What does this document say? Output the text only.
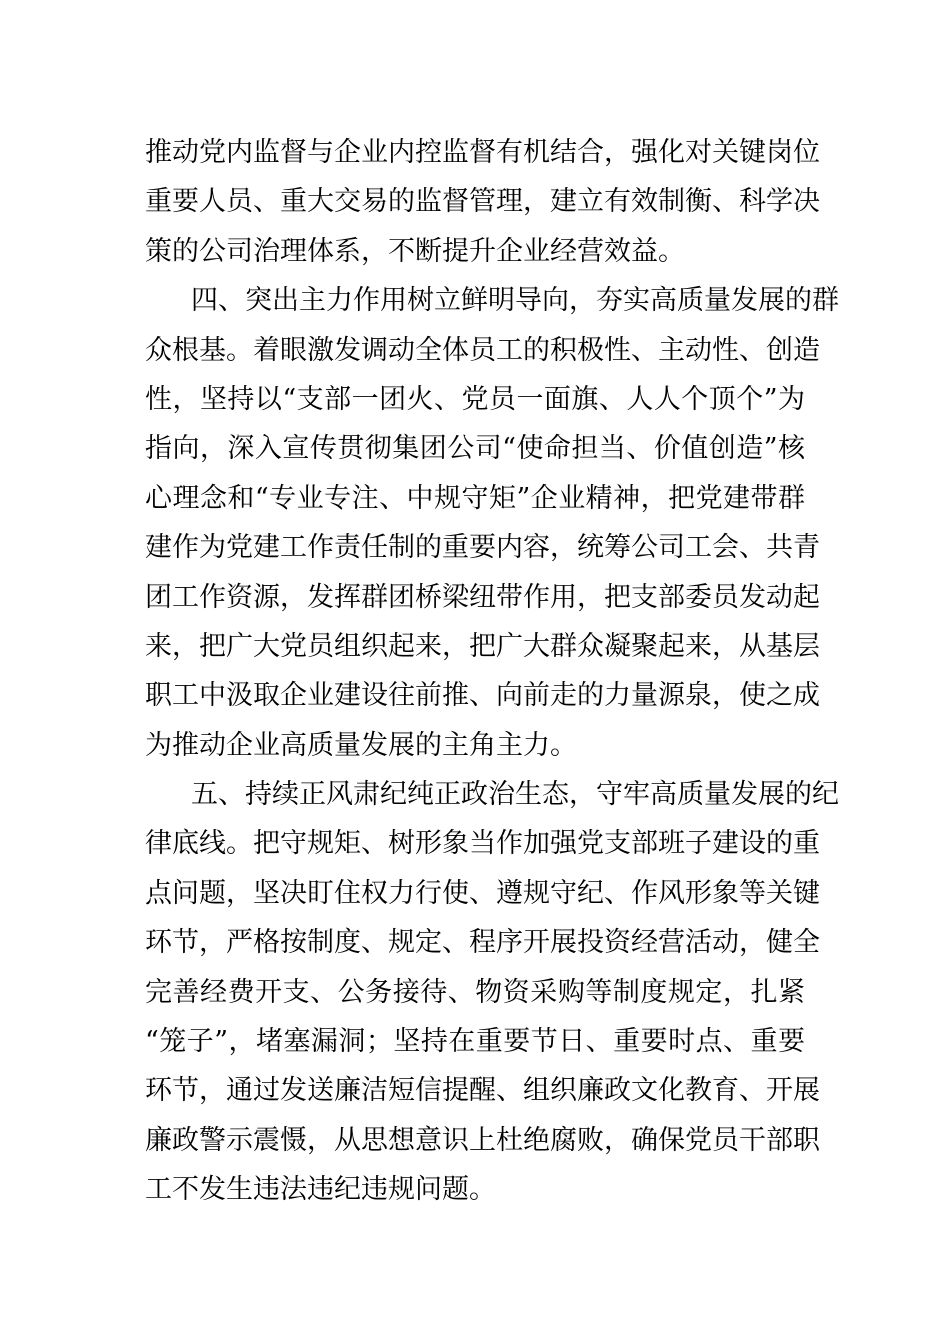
推动党内监督与企业内控监督有机结合，强化对关键岗位
重要人员、重大交易的监督管理，建立有效制衡、科学决
策的公司治理体系，不断提升企业经营效益。
四、突出主力作用树立鲜明导向，夯实高质量发展的群
众根基。着眼激发调动全体员工的积极性、主动性、创造
性，坚持以“支部一团火、党员一面旗、人人个顶个”为
指向，深入宣传贯彻集团公司“使命担当、价值创造”核
心理念和“专业专注、中规守矩”企业精神，把党建带群
建作为党建工作责任制的重要内容，统筹公司工会、共青
团工作资源，发挥群团桥梁纽带作用，把支部委员发动起
来，把广大党员组织起来，把广大群众凝聚起来，从基层
职工中汲取企业建设往前推、向前走的力量源泉，使之成
为推动企业高质量发展的主角主力。
五、持续正风肃纪纯正政治生态，守牢高质量发展的纪
律底线。把守规矩、树形象当作加强党支部班子建设的重
点问题，坚决盯住权力行使、遵规守纪、作风形象等关键
环节，严格按制度、规定、程序开展投资经营活动，健全
完善经费开支、公务接待、物资采购等制度规定，扎紧
“笼子”，堵塞漏洞；坚持在重要节日、重要时点、重要
环节，通过发送廉洁短信提醒、组织廉政文化教育、开展
廉政警示震慑，从思想意识上杜绝腐败，确保党员干部职
工不发生违法违纪违规问题。
